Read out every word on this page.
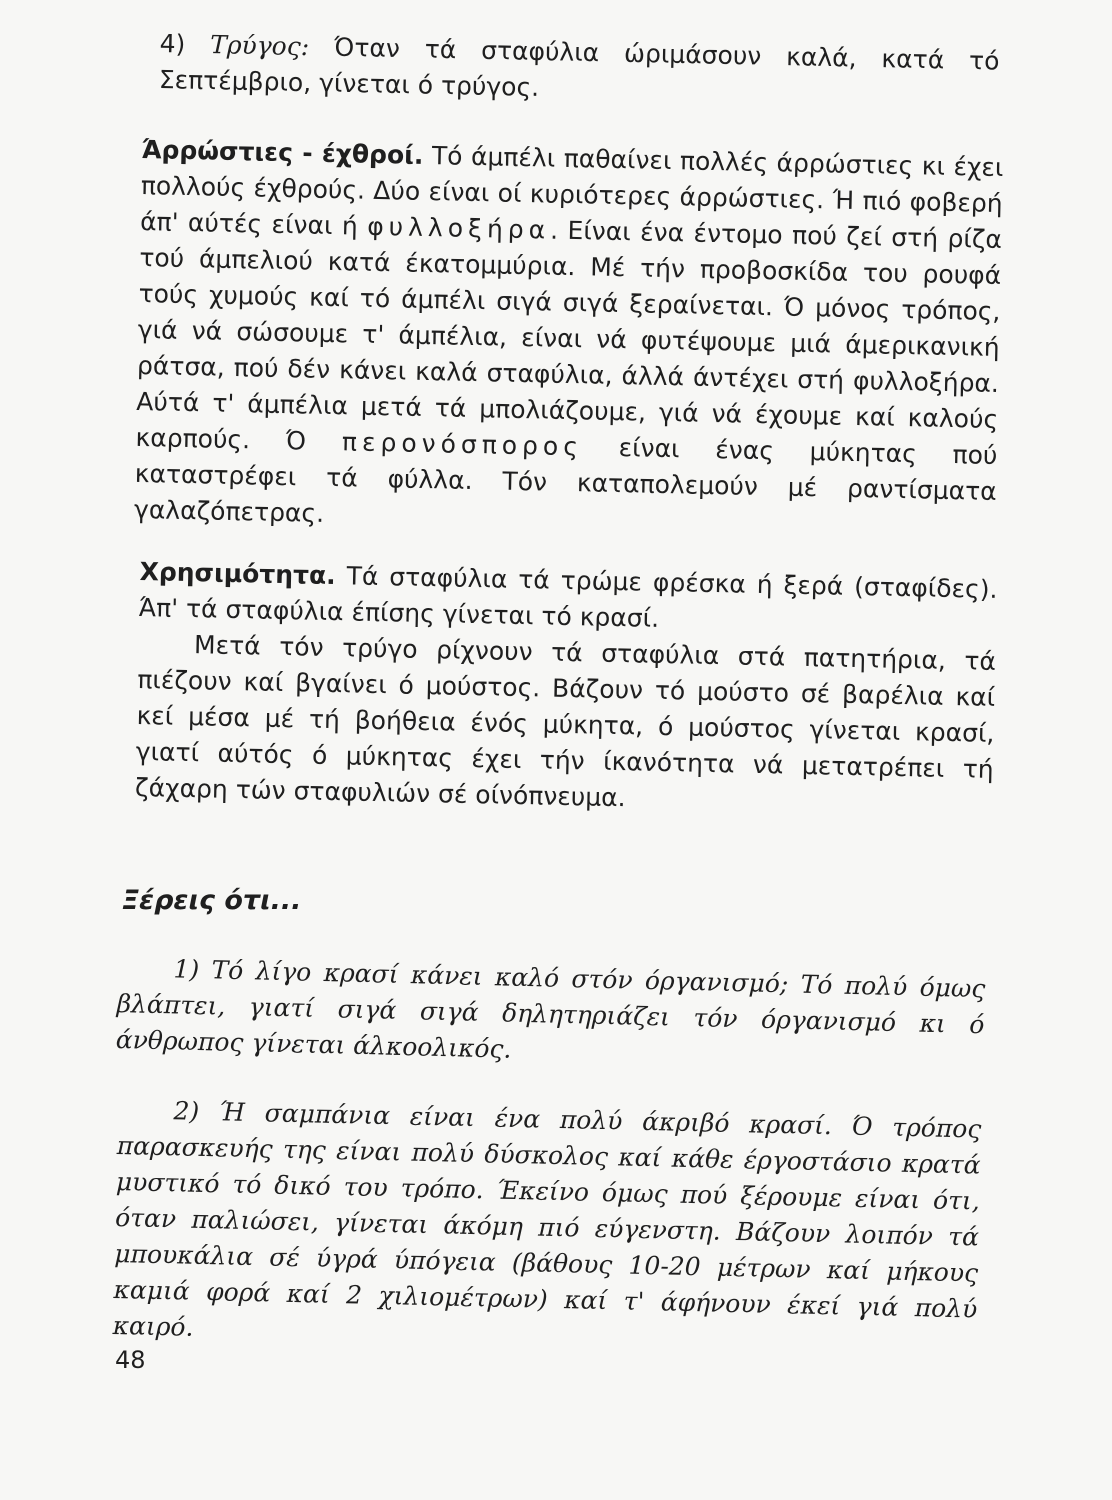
4) Τρύγος: Όταν τά σταφύλια ώριμάσουν καλά, κατά τό Σεπτέμβριο, γίνεται ό τρύγος.
Άρρώστιες - έχθροί. Τό άμπέλι παθαίνει πολλές άρρώστιες κι έχει πολλούς έχθρούς. Δύο είναι οί κυριότερες άρρώστιες. Ή πιό φοβερή άπ' αύτές είναι ή φυλλοξήρα. Είναι ένα έντομο πού ζεί στή ρίζα τού άμπελιού κατά έκατομμύρια. Μέ τήν προβοσκίδα του ρουφά τούς χυμούς καί τό άμπέλι σιγά σιγά ξεραίνεται. Ό μόνος τρόπος, γιά νά σώσουμε τ' άμπέλια, είναι νά φυτέψουμε μιά άμερικανική ράτσα, πού δέν κάνει καλά σταφύλια, άλλά άντέχει στή φυλλοξήρα. Αύτά τ' άμπέλια μετά τά μπολιάζουμε, γιά νά έχουμε καί καλούς καρπούς. Ό περονόσπορος είναι ένας μύκητας πού καταστρέφει τά φύλλα. Τόν καταπολεμούν μέ ραντίσματα γαλαζόπετρας.
Χρησιμότητα. Τά σταφύλια τά τρώμε φρέσκα ή ξερά (σταφίδες). Άπ' τά σταφύλια έπίσης γίνεται τό κρασί.
Μετά τόν τρύγο ρίχνουν τά σταφύλια στά πατητήρια, τά πιέζουν καί βγαίνει ό μούστος. Βάζουν τό μούστο σέ βαρέλια καί κεί μέσα μέ τή βοήθεια ένός μύκητα, ό μούστος γίνεται κρασί, γιατί αύτός ό μύκητας έχει τήν ίκανότητα νά μετατρέπει τή ζάχαρη τών σταφυλιών σέ οίνόπνευμα.
Ξέρεις ότι...
1) Τό λίγο κρασί κάνει καλό στόν όργανισμό; Τό πολύ όμως βλάπτει, γιατί σιγά σιγά δηλητηριάζει τόν όργανισμό κι ό άνθρωπος γίνεται άλκοολικός.
2) Ή σαμπάνια είναι ένα πολύ άκριβό κρασί. Ό τρόπος παρασκευής της είναι πολύ δύσκολος καί κάθε έργοστάσιο κρατά μυστικό τό δικό του τρόπο. Έκείνο όμως πού ξέρουμε είναι ότι, όταν παλιώσει, γίνεται άκόμη πιό εύγενστη. Βάζουν λοιπόν τά μπουκάλια σέ ύγρά ύπόγεια (βάθους 10-20 μέτρων καί μήκους καμιά φορά καί 2 χιλιομέτρων) καί τ' άφήνουν έκεί γιά πολύ καιρό.
48
